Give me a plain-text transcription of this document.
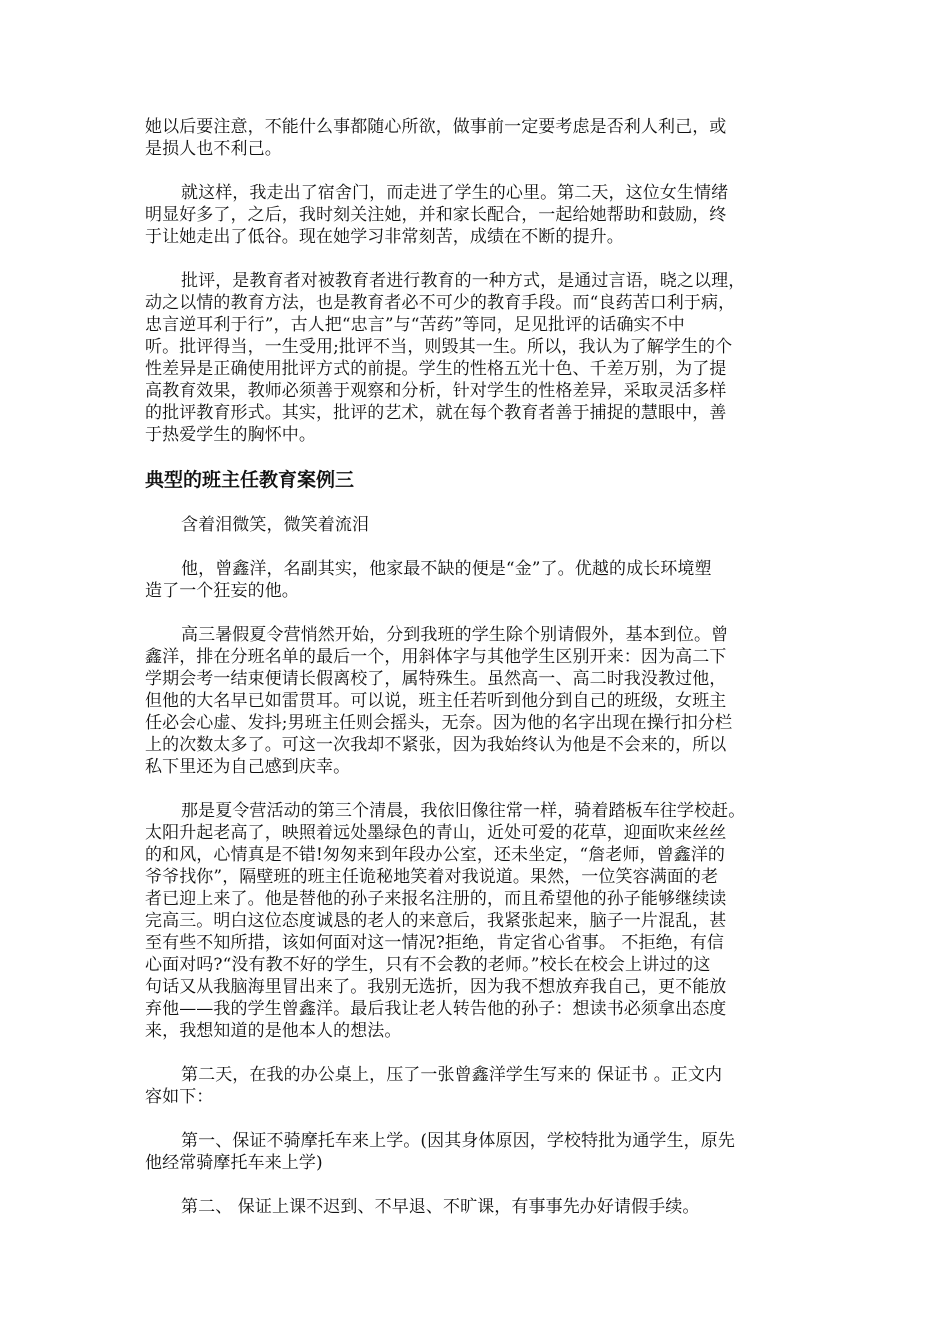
她以后要注意，不能什么事都随心所欲，做事前一定要考虑是否利人利己，或
是损人也不利己。
就这样，我走出了宿舍门，而走进了学生的心里。第二天，这位女生情绪
明显好多了，之后，我时刻关注她，并和家长配合，一起给她帮助和鼓励，终
于让她走出了低谷。现在她学习非常刻苦，成绩在不断的提升。
批评，是教育者对被教育者进行教育的一种方式，是通过言语，晓之以理，
动之以情的教育方法，也是教育者必不可少的教育手段。而“良药苦口利于病，
忠言逆耳利于行”，古人把“忠言”与“苦药”等同，足见批评的话确实不中
听。批评得当，一生受用;批评不当，则毁其一生。所以，我认为了解学生的个
性差异是正确使用批评方式的前提。学生的性格五光十色、千差万别，为了提
高教育效果，教师必须善于观察和分析，针对学生的性格差异，采取灵活多样
的批评教育形式。其实，批评的艺术，就在每个教育者善于捕捉的慧眼中，善
于热爱学生的胸怀中。
典型的班主任教育案例三
含着泪微笑，微笑着流泪
他，曾鑫洋，名副其实，他家最不缺的便是“金”了。优越的成长环境塑
造了一个狂妄的他。
高三暑假夏令营悄然开始，分到我班的学生除个别请假外，基本到位。曾
鑫洋，排在分班名单的最后一个，用斜体字与其他学生区别开来：因为高二下
学期会考一结束便请长假离校了，属特殊生。虽然高一、高二时我没教过他，
但他的大名早已如雷贯耳。可以说，班主任若听到他分到自己的班级，女班主
任必会心虚、发抖;男班主任则会摇头，无奈。因为他的名字出现在操行扣分栏
上的次数太多了。可这一次我却不紧张，因为我始终认为他是不会来的，所以
私下里还为自己感到庆幸。
那是夏令营活动的第三个清晨，我依旧像往常一样，骑着踏板车往学校赶。
太阳升起老高了，映照着远处墨绿色的青山，近处可爱的花草，迎面吹来丝丝
的和风，心情真是不错!匆匆来到年段办公室，还未坐定，“詹老师，曾鑫洋的
爷爷找你”，隔壁班的班主任诡秘地笑着对我说道。果然，一位笑容满面的老
者已迎上来了。他是替他的孙子来报名注册的，而且希望他的孙子能够继续读
完高三。明白这位态度诚恳的老人的来意后，我紧张起来，脑子一片混乱，甚
至有些不知所措，该如何面对这一情况?拒绝，肯定省心省事。 不拒绝，有信
心面对吗?“没有教不好的学生，只有不会教的老师。”校长在校会上讲过的这
句话又从我脑海里冒出来了。我别无选折，因为我不想放弃我自己，更不能放
弃他——我的学生曾鑫洋。最后我让老人转告他的孙子：想读书必须拿出态度
来，我想知道的是他本人的想法。
第二天，在我的办公桌上，压了一张曾鑫洋学生写来的 保证书 。正文内
容如下：
第一、保证不骑摩托车来上学。(因其身体原因，学校特批为通学生，原先
他经常骑摩托车来上学)
第二、 保证上课不迟到、不早退、不旷课，有事事先办好请假手续。
